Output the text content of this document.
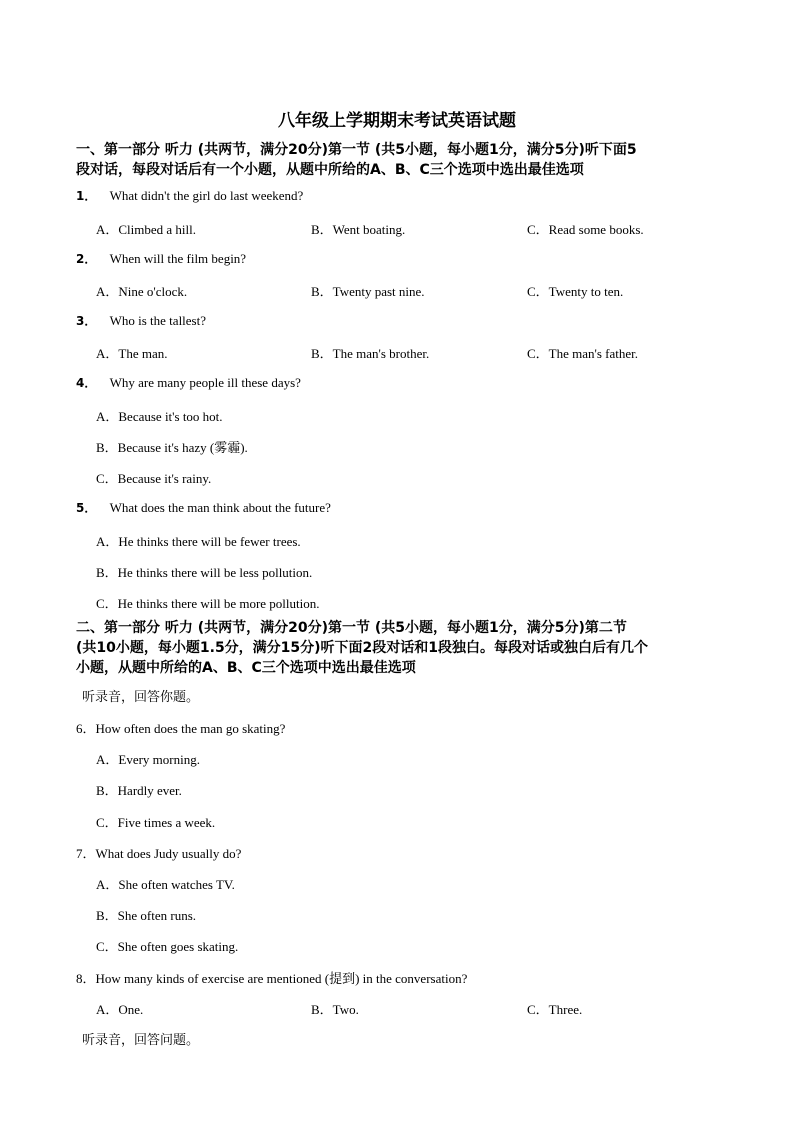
八年级上学期期末考试英语试题
一、第一部分 听力 (共两节，满分20分)第一节 (共5小题，每小题1分，满分5分)听下面5
段对话，每段对话后有一个小题，从题中所给的A、B、C三个选项中选出最佳选项
1． What didn't the girl do last weekend?
A．Climbed a hill.	B．Went boating.	C．Read some books.
2． When will the film begin?
A．Nine o'clock.	B．Twenty past nine.	C．Twenty to ten.
3． Who is the tallest?
A．The man.	B．The man's brother.	C．The man's father.
4． Why are many people ill these days?
A．Because it's too hot.
B．Because it's hazy (雾霾).
C．Because it's rainy.
5． What does the man think about the future?
A．He thinks there will be fewer trees.
B．He thinks there will be less pollution.
C．He thinks there will be more pollution.
二、第一部分 听力 (共两节，满分20分)第一节 (共5小题，每小题1分，满分5分)第二节
(共10小题，每小题1.5分，满分15分)听下面2段对话和1段独白。每段对话或独白后有几个
小题，从题中所给的A、B、C三个选项中选出最佳选项
听录音，回答你题。
6．How often does the man go skating?
A．Every morning.
B．Hardly ever.
C．Five times a week.
7．What does Judy usually do?
A．She often watches TV.
B．She often runs.
C．She often goes skating.
8．How many kinds of exercise are mentioned (提到) in the conversation?
A．One.	B．Two.	C．Three.
听录音，回答问题。
